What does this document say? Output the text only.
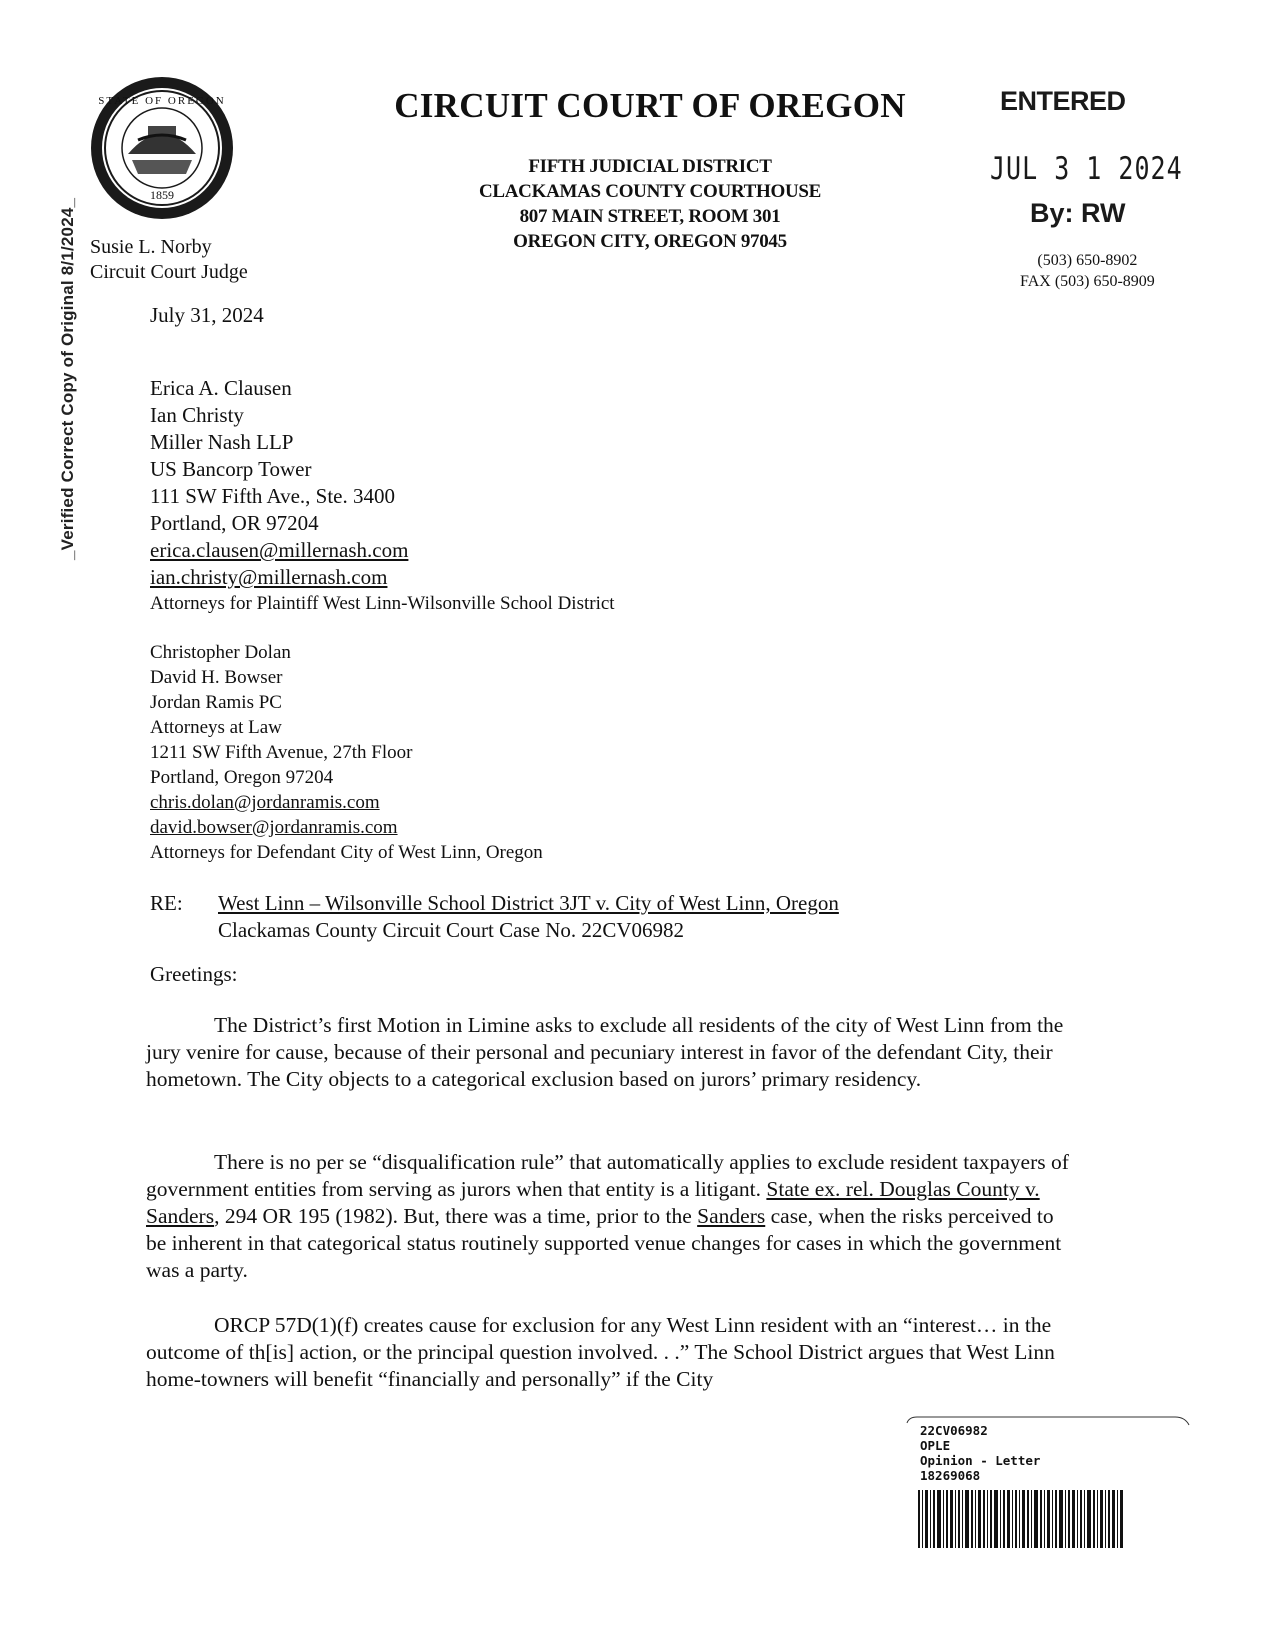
1859
STATE OF OREGON
_Verified Correct Copy of Original 8/1/2024_
CIRCUIT COURT OF OREGON
FIFTH JUDICIAL DISTRICT
CLACKAMAS COUNTY COURTHOUSE
807 MAIN STREET, ROOM 301
OREGON CITY, OREGON 97045
ENTERED
JUL 3 1 2024
By: RW
(503) 650-8902
FAX (503) 650-8909
Susie L. Norby
Circuit Court Judge
July 31, 2024

Erica A. Clausen

Ian Christy

Miller Nash LLP

US Bancorp Tower

111 SW Fifth Ave., Ste. 3400

Portland, OR 97204

erica.clausen@millernash.com

ian.christy@millernash.com

Attorneys for Plaintiff West Linn-Wilsonville School District

Christopher Dolan

David H. Bowser

Jordan Ramis PC

Attorneys at Law

1211 SW Fifth Avenue, 27th Floor

Portland, Oregon 97204

chris.dolan@jordanramis.com

david.bowser@jordanramis.com

Attorneys for Defendant City of West Linn, Oregon

RE: West Linn – Wilsonville School District 3JT v. City of West Linn, Oregon
Clackamas County Circuit Court Case No. 22CV06982
Greetings:
The District’s first Motion in Limine asks to exclude all residents of the city of West Linn from the jury venire for cause, because of their personal and pecuniary interest in favor of the defendant City, their hometown. The City objects to a categorical exclusion based on jurors’ primary residency.
There is no per se “disqualification rule” that automatically applies to exclude resident taxpayers of government entities from serving as jurors when that entity is a litigant. State ex. rel. Douglas County v. Sanders, 294 OR 195 (1982). But, there was a time, prior to the Sanders case, when the risks perceived to be inherent in that categorical status routinely supported venue changes for cases in which the government was a party.
ORCP 57D(1)(f) creates cause for exclusion for any West Linn resident with an “interest… in the outcome of th[is] action, or the principal question involved. . .” The School District argues that West Linn home-towners will benefit “financially and personally” if the City
22CV06982
OPLE
Opinion - Letter
18269068
